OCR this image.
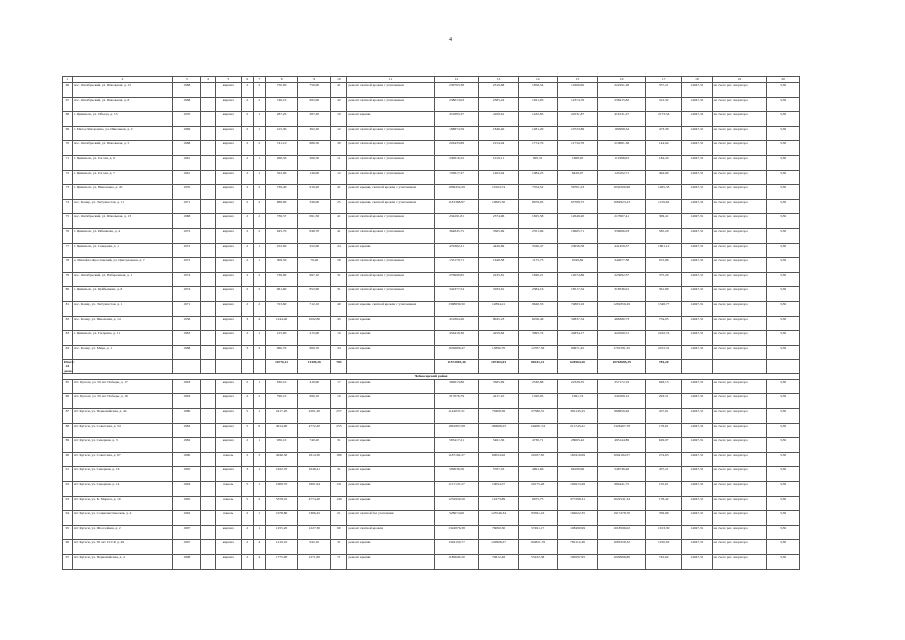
4
1	2	3	4	5	6	7	8	9	10	11	12	13	14	15	16	17	18	19	20
66	пос. Октябрьский, ул. Школьная, д. 15	1968		кирпич	2	2	750,00	750,00	41	ремонт скатной кровли с утеплением	230763,38	2319,68	1856,54	11860,66	222291,28	357,21	14047,31	на счете рег. оператора	3,30
67	пос. Октябрьский, ул. Школьная, д. 8	1968		кирпич	2	2	746,10	695,90	42	ремонт скатной кровли с утеплением	238013,03	2385,24	1921,03	12374,76	238415,82	312,32	14047,31	на счете рег. оператора	3,30
68	г. Цивильск, ул. Объезд. д. 15	1970		кирпич	2	1	287,20	287,20	10	ремонт крыши	451883,37	4109,61	1432,85	24531,87	416131,27	2173,54	14047,31	на счете рег. оператора	3,30
69	г. Малое Янгорчино, ул. Школьная, д. 2	1969		кирпич	2	1	415,30	362,20	12	ремонт скатной кровли с утеплением	198874,59	1846,40	1281,20	10723,86	184998,34	473,39	14047,31	на счете рег. оператора	3,30
70	пос. Октябрьский, ул. Школьная, д. 5	1968		кирпич	2	2	741,10	686,50	30	ремонт скатной кровли с утеплением	226433,88	2154,04	1774,70	11734,78	210681,36	144,94	14047,31	на счете рег. оператора	3,30
71	г. Цивильск, ул. Гоголя, д. 9	1961		кирпич	2	1	266,50	266,50	11	ремонт скатной кровли с утеплением	230016,52	1019,11	995,31	1668,95	111968,63	184,20	14047,31	на счете рег. оператора	3,30
72	г. Цивильск, ул. Гоголя, д. 7	1961		кирпич	2	1	322,00	149,00	12	ремонт скатной кровли с утеплением	150617,27	1403,04	1084,25	8420,07	143102,71	494,90	14047,31	на счете рег. оператора	3,30
73	г. Цивильск, ул. Николаева, д. 45	1970		кирпич	2	2	739,40	916,20	41	ремонт крыши, скатной кровли с утеплением	1069454,29	10104,74	7354,52	59701,23	1032200,98	1465,33	14047,31	на счете рег. оператора	3,30
74	пос. Конар, ул. Энтузиастов, д. 11	1971		кирпич	2	2	688,90	349,00	25	ремонт крыши, скатной кровли с утеплением	1181368,87	10695,50	8979,95	63768,75	1082923,23	1159,62	14047,31	на счете рег. оператора	3,30
75	пос. Октябрьский, ул. Школьная, д. 13	1968		кирпич	2	2	736,57	691,50	41	ремонт скатной кровли с утеплением	234291,81	2374,96	1825,58	12649,20	217667,41	309,41	14047,31	на счете рег. оператора	3,30
76	г. Цивильск, ул. Рябенкова, д. 4	1972		кирпич	2	2	945,70	848,70	41	ремонт скатной кровли с утеплением	364845,75	3365,99	2351,69	19665,71	359066,03	585,29	14047,31	на счете рег. оператора	3,30
77	г. Цивильск, ул. Северная, д. 1	1972		кирпич	2	1	252,00	252,00	24	ремонт крыши	479382,21	4449,69	3326,47	23656,58	441459,37	1801,12	14047,31	на счете рег. оператора	3,30
78	д. Михайло-Ярославский, ул. Центральная, д. 7	1972		кирпич	2	1	309,50	79,40	58	ремонт скатной кровли с утеплением	135170,71	1648,58	1175,73	9199,84	344677,38	972,86	14047,31	на счете рег. оператора	3,30
79	пос. Октябрьский, ул. Набережная, д. 1	1974		кирпич	2	2	739,90	697,10	31	ремонт скатной кровли с утеплением	276990,85	2235,81	1840,21	12074,86	223092,37	375,29	14047,31	на счете рег. оператора	3,30
80	г. Цивильск, ул. Куйбышева, д. 8	1974		кирпич	2	2	961,60	852,90	31	ремонт скатной кровли с утеплением	342377,54	3183,61	2384,16	18517,34	318536,91	361,80	14047,31	на счете рег. оператора	3,30
81	пос. Конар, ул. Энтузиастов, д. 1	1971		кирпич	2	2	723,60	712,10	40	ремонт крыши, скатной кровли с утеплением	1398839,50	12894,21	9640,53	74803,16	1281859,29	1548,77	14047,31	на счете рег. оператора	3,30
82	пос. Конар, ул. Школьная, д. 14	1956		кирпич	3	4	1244,40	1092,80	45	ремонт крыши	451804,26	8045,18	6256,46	50837,54	466380,73	754,05	14047,31	на счете рег. оператора	3,30
83	г. Цивильск, ул. Гагарина, д. 11	1963		кирпич	2	1	215,00	215,00	10	ремонт крыши	456418,36	4259,84	3095,74	24834,17	424560,51	2162,74	14047,31	на счете рег. оператора	3,30
84	пос. Конар, ул. Мира, д. 1	1988		кирпич	3	3	960,70	960,70	34	ремонт крыши	1659806,47	15890,70	12707,59	99671,45	1701581,35	2472,31	14047,31	на счете рег. оператора	3,30
Итого: 24 дома							16776,11	11449,26	784		11572003,46	107463,03	80241,21	620564,26	10763085,29	784,20			
Чебоксарский район																			
85	пгт. Кугеси, ул. 50 лет Победы, д. 17	1993		кирпич	2	1	630,10	410,90	17	ремонт крыши	390013,86	3365,09	2530,88	22328,35	357172,19	628,13	14047,31	на счете рег. оператора	3,30
86	пгт. Кугеси, ул. 50 лет Победы, д. 16	1993		кирпич	2	2	790,10	690,10	19	ремонт крыши	317076,79	4217,10	1320,95	1691,74	241069,12	293,51	14047,31	на счете рег. оператора	3,30
87	пгт Кугеси, ул. Первомайская, д. 44	1980		кирпич	5	1	2417,20	2201,20	257	ремонт крыши	1144037,21	79408,36	27586,31	302145,25	868659,49	457,01	14047,31	на счете рег. оператора	3,30
88	пгт Кугеси, ул. Советская, д. 54	1982		кирпич	5	6	4914,90	4772,20	253	ремонт крыши	1861807,08	180668,25	144081,54	211743,41	1326407,78	179,61	14047,31	на счете рег. оператора	3,30
89	пгт Кугеси, ул. Северная, д. 3	1982		кирпич	2	1	930,10	740,20	31	ремонт крыши	585417,21	5401,56	4730,71	28065,42	495144,89	629,97	14047,31	на счете рег. оператора	3,30
90	пгт Кугеси, ул. Советская, д. 67	1990		панель	2	3	4046,50	1814,30	189	ремонт крыши	1187182,27	60054,62	29187,65	163418,69	1094184,57	274,63	14047,31	на счете рег. оператора	3,30
91	пгт Кугеси, ул. Северная, д. 16	1995		кирпич	3	1	1922,70	1648,41	31	ремонт крыши	509036,56	5767,16	4991,66	66108,96	546736,40	437,21	14047,31	на счете рег. оператора	3,30
92	пгт Кугеси, ул. Северная, д. 14	1994		панель	5	1	1908,70	1801,94	131	ремонт крыши	1117147,27	10054,57	20175,26	102613,49	984441,75	135,01	14047,31	на счете рег. оператора	3,30
93	пгт Кугеси, ул. К. Маркса, д. 10	1995		панель	5	2	5378,10	4774,40	140	ремонт крыши	1255959,50	12273,89	9975,75	377298,31	1022541,34	178,42	14047,31	на счете рег. оператора	3,30
94	пгт Кугеси, ул. Социалистическая, д. 4	1992		панель	2	1	1078,80	1366,45	21	ремонт скатной без утепления	528074,06	123546,34	93591,16	194022,35	1917478,70	359,96	14047,31	на счете рег. оператора	3,30
95	пгт Кугеси, ул. Шоссейная, д. 2	1997		кирпич	2	1	1255,20	1227,30	69	ремонт скатной кровли	1342876,38	76090,30	57491,17	108499,99	1018596,02	1013,30	14047,31	на счете рег. оператора	3,30
96	пгт Кугеси, ул. 50 лет СССР, д. 49	1997		кирпич	2	4	1219,10	942,10	31	ремонт крыши	1304150,77	129908,27	104821,76	782112,46	1083258,32	1250,02	14047,31	на счете рег. оператора	3,30
97	пгт Кугеси, ул. Первомайская, д. 4	1998		кирпич	2	4	1775,00	1271,60	71	ремонт крыши	1189640,20	70812,46	55222,38	106597,95	1020996,86	742,62	14047,31	на счете рег. оператора	3,30
